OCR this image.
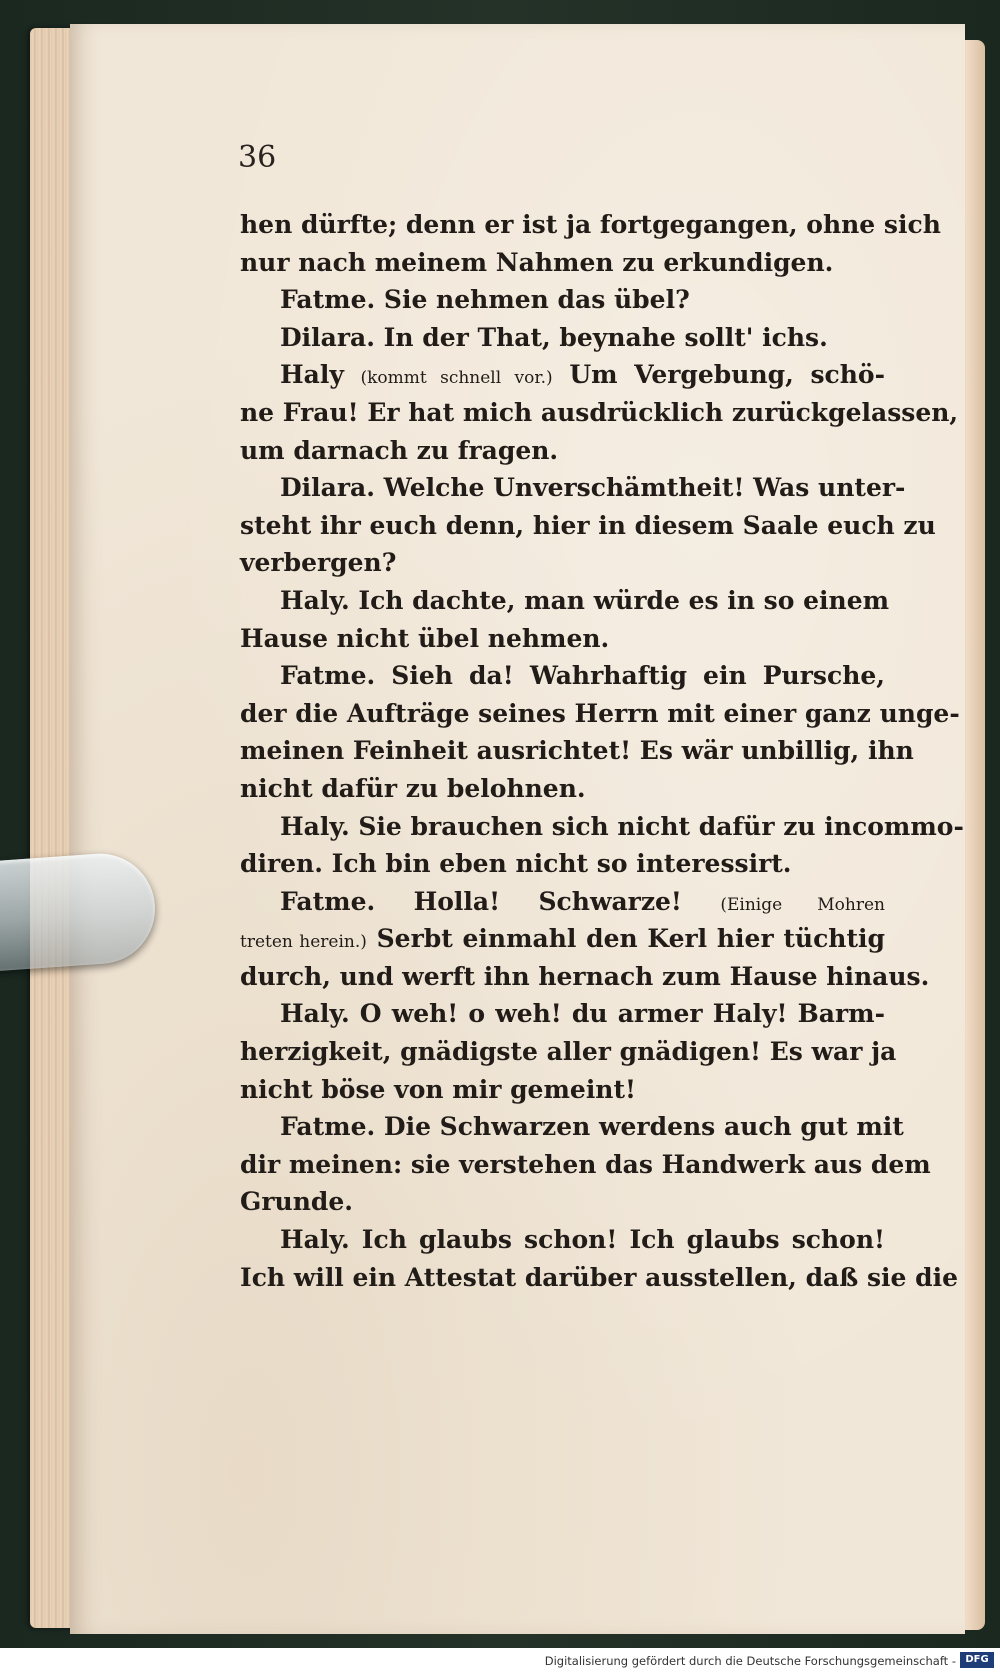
36
hen dürfte; denn er ist ja fortgegangen, ohne sich
nur nach meinem Nahmen zu erkundigen.
Fatme. Sie nehmen das übel?
Dilara. In der That, beynahe sollt' ichs.
Haly (kommt schnell vor.) Um Vergebung, schö-
ne Frau! Er hat mich ausdrücklich zurückgelassen,
um darnach zu fragen.
Dilara. Welche Unverschämtheit! Was unter-
steht ihr euch denn, hier in diesem Saale euch zu
verbergen?
Haly. Ich dachte, man würde es in so einem
Hause nicht übel nehmen.
Fatme. Sieh da! Wahrhaftig ein Pursche,
der die Aufträge seines Herrn mit einer ganz unge-
meinen Feinheit ausrichtet! Es wär unbillig, ihn
nicht dafür zu belohnen.
Haly. Sie brauchen sich nicht dafür zu incommo-
diren. Ich bin eben nicht so interessirt.
Fatme. Holla! Schwarze! (Einige Mohren
treten herein.) Serbt einmahl den Kerl hier tüchtig
durch, und werft ihn hernach zum Hause hinaus.
Haly. O weh! o weh! du armer Haly! Barm-
herzigkeit, gnädigste aller gnädigen! Es war ja
nicht böse von mir gemeint!
Fatme. Die Schwarzen werdens auch gut mit
dir meinen: sie verstehen das Handwerk aus dem
Grunde.
Haly. Ich glaubs schon! Ich glaubs schon!
Ich will ein Attestat darüber ausstellen, daß sie die
Digitalisierung gefördert durch die Deutsche Forschungsgemeinschaft - DFG
